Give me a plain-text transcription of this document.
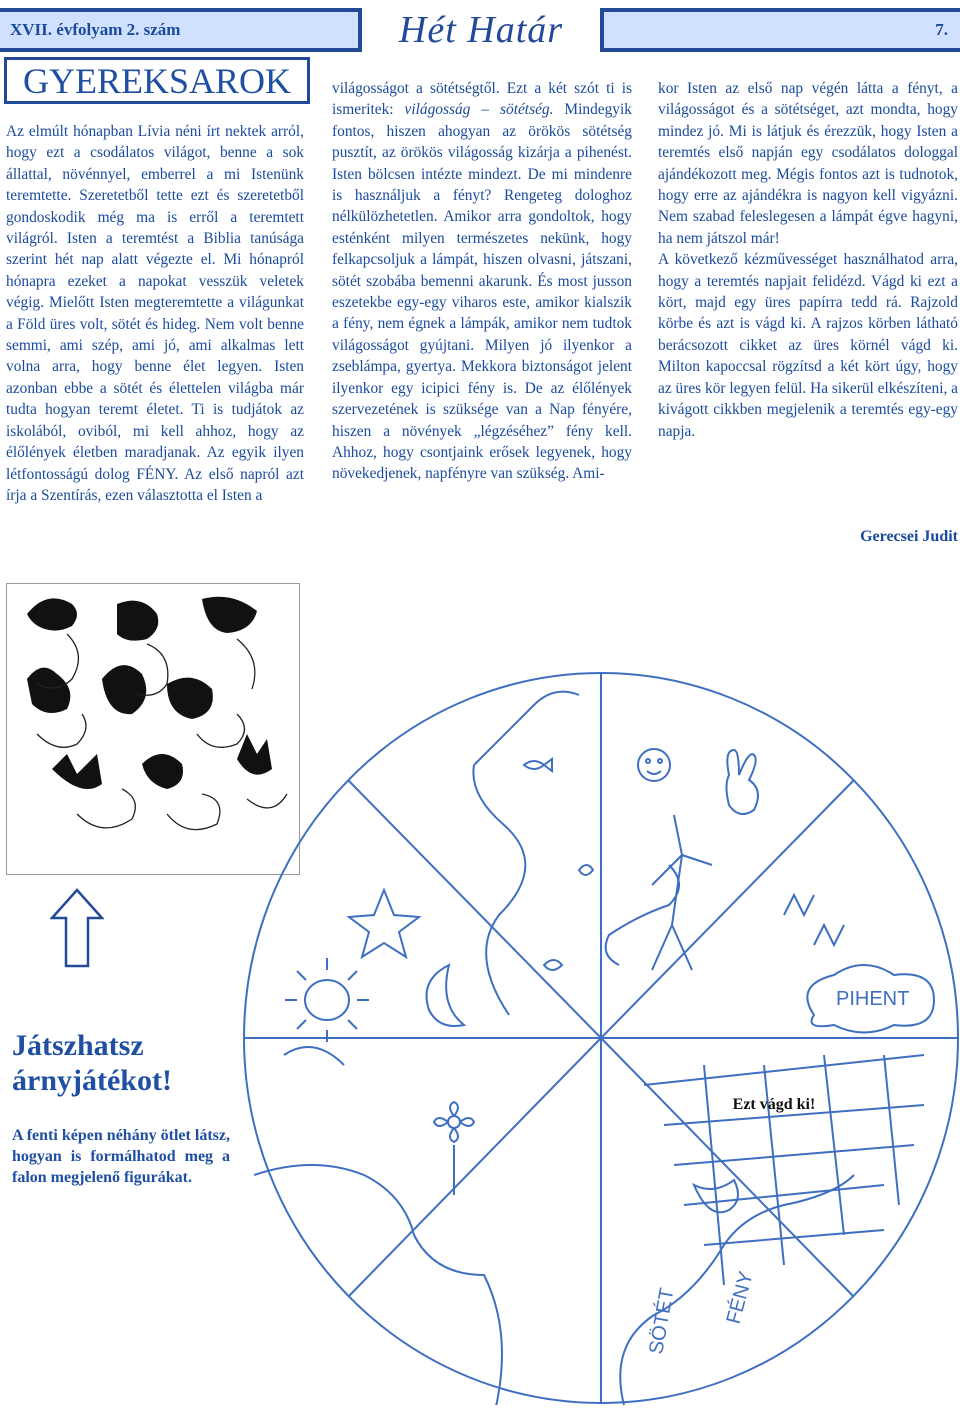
XVII. évfolyam 2. szám	Hét Határ	7.
GYEREKSAROK

Az elmúlt hónapban Lívia néni írt nektek arról, hogy ezt a csodálatos világot, benne a sok állattal, növénnyel, emberrel a mi Istenünk teremtette. Szeretetből tette ezt és szeretetből gondoskodik még ma is erről a teremtett világról. Isten a teremtést a Biblia tanúsága szerint hét nap alatt végezte el. Mi hónapról hónapra ezeket a napokat vesszük veletek végig. Mielőtt Isten megteremtette a világunkat a Föld üres volt, sötét és hideg. Nem volt benne semmi, ami szép, ami jó, ami alkalmas lett volna arra, hogy benne élet legyen. Isten azonban ebbe a sötét és élettelen világba már tudta hogyan teremt életet. Ti is tudjátok az iskolából, oviból, mi kell ahhoz, hogy az élőlények életben maradjanak. Az egyik ilyen létfontosságú dolog FÉNY. Az első napról azt írja a Szentírás, ezen választotta el Isten a

világosságot a sötétségtől. Ezt a két szót ti is ismeritek: világosság – sötétség. Mindegyik fontos, hiszen ahogyan az örökös sötétség pusztít, az örökös világosság kizárja a pihenést. Isten bölcsen intézte mindezt. De mi mindenre is használjuk a fényt? Rengeteg dologhoz nélkülözhetetlen. Amikor arra gondoltok, hogy esténként milyen természetes nekünk, hogy felkapcsoljuk a lámpát, hiszen olvasni, játszani, sötét szobába bemenni akarunk. És most jusson eszetekbe egy-egy viharos este, amikor kialszik a fény, nem égnek a lámpák, amikor nem tudtok világosságot gyújtani. Milyen jó ilyenkor a zseblámpa, gyertya. Mekkora biztonságot jelent ilyenkor egy icipici fény is. De az élőlények szervezetének is szüksége van a Nap fényére, hiszen a növények „légzéséhez” fény kell. Ahhoz, hogy csontjaink erősek legyenek, hogy növekedjenek, napfényre van szükség. Ami-

kor Isten az első nap végén látta a fényt, a világosságot és a sötétséget, azt mondta, hogy mindez jó. Mi is látjuk és érezzük, hogy Isten a teremtés első napján egy csodálatos dologgal ajándékozott meg. Mégis fontos azt is tudnotok, hogy erre az ajándékra is nagyon kell vigyázni. Nem szabad feleslegesen a lámpát égve hagyni, ha nem játszol már!

A következő kézművességet használhatod arra, hogy a teremtés napjait felidézd. Vágd ki ezt a kört, majd egy üres papírra tedd rá. Rajzold körbe és azt is vágd ki. A rajzos körben látható berácsozott cikket az üres körnél vágd ki. Milton kapoccsal rögzítsd a két kört úgy, hogy az üres kör legyen felül. Ha sikerül elkészíteni, a kivágott cikkben megjelenik a teremtés egy-egy napja.

Gerecsei Judit
Játszhatsz árnyjátékot!
A fenti képen néhány ötlet látsz, hogyan is formálhatod meg a falon megjelenő figurákat.
PIHENT
SÖTÉT FÉNY
Ezt vágd ki!
